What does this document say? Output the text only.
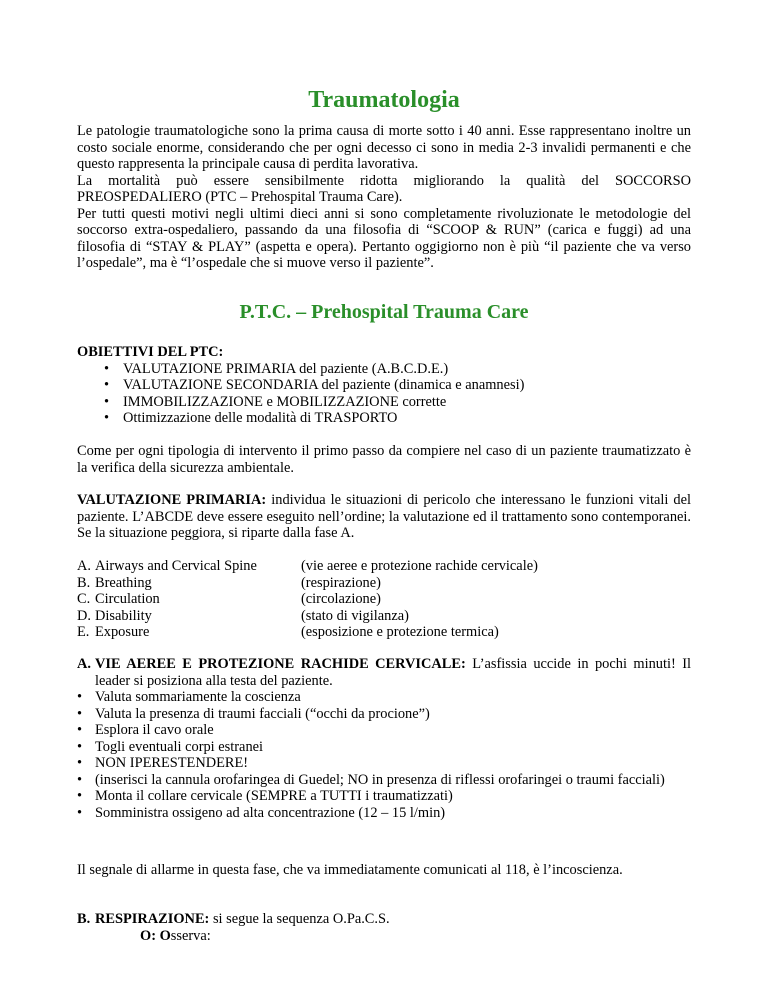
Traumatologia

Le patologie traumatologiche sono la prima causa di morte sotto i 40 anni. Esse rappresentano inoltre un costo sociale enorme, considerando che per ogni decesso ci sono in media 2-3 invalidi permanenti e che questo rappresenta la principale causa di perdita lavorativa.

La mortalità può essere sensibilmente ridotta migliorando la qualità del SOCCORSO PREOSPEDALIERO (PTC – Prehospital Trauma Care).

Per tutti questi motivi negli ultimi dieci anni si sono completamente rivoluzionate le metodologie del soccorso extra-ospedaliero, passando da una filosofia di “SCOOP & RUN” (carica e fuggi) ad una filosofia di “STAY & PLAY” (aspetta e opera). Pertanto oggigiorno non è più “il paziente che va verso l’ospedale”, ma è “l’ospedale che si muove verso il paziente”.

P.T.C. – Prehospital Trauma Care

OBIETTIVI DEL PTC:

• VALUTAZIONE PRIMARIA del paziente (A.B.C.D.E.)
• VALUTAZIONE SECONDARIA del paziente (dinamica e anamnesi)
• IMMOBILIZZAZIONE e MOBILIZZAZIONE corrette
• Ottimizzazione delle modalità di TRASPORTO

Come per ogni tipologia di intervento il primo passo da compiere nel caso di un paziente traumatizzato è la verifica della sicurezza ambientale.

VALUTAZIONE PRIMARIA: individua le situazioni di pericolo che interessano le funzioni vitali del paziente. L’ABCDE deve essere eseguito nell’ordine; la valutazione ed il trattamento sono contemporanei. Se la situazione peggiora, si riparte dalla fase A.

A. Airways and Cervical Spine	(vie aeree e protezione rachide cervicale)
B. Breathing	(respirazione)
C. Circulation	(circolazione)
D. Disability	(stato di vigilanza)
E. Exposure	(esposizione e protezione termica)

A. VIE AEREE E PROTEZIONE RACHIDE CERVICALE: L’asfissia uccide in pochi minuti! Il leader si posiziona alla testa del paziente.

• Valuta sommariamente la coscienza
• Valuta la presenza di traumi facciali (“occhi da procione”)
• Esplora il cavo orale
• Togli eventuali corpi estranei
• NON IPERESTENDERE!
• (inserisci la cannula orofaringea di Guedel; NO in presenza di riflessi orofaringei o traumi facciali)
• Monta il collare cervicale (SEMPRE a TUTTI i traumatizzati)
• Somministra ossigeno ad alta concentrazione (12 – 15 l/min)

Il segnale di allarme in questa fase, che va immediatamente comunicati al 118, è l’incoscienza.

B. RESPIRAZIONE: si segue la sequenza O.Pa.C.S.

O: Osserva:
